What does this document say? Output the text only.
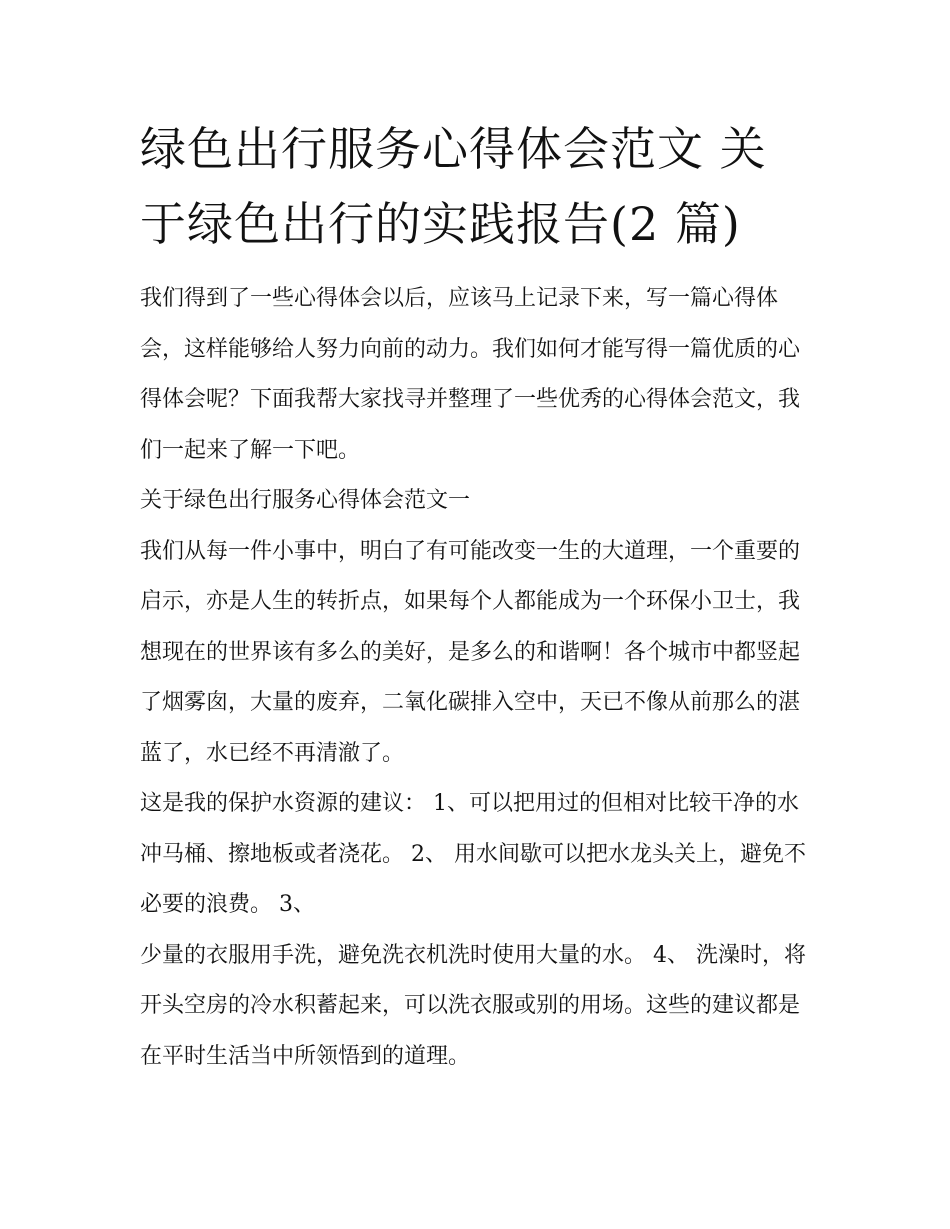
绿色出行服务心得体会范文 关
于绿色出行的实践报告(2 篇)

我们得到了一些心得体会以后，应该马上记录下来，写一篇心得体会，这样能够给人努力向前的动力。我们如何才能写得一篇优质的心得体会呢？下面我帮大家找寻并整理了一些优秀的心得体会范文，我们一起来了解一下吧。

关于绿色出行服务心得体会范文一

我们从每一件小事中，明白了有可能改变一生的大道理，一个重要的启示，亦是人生的转折点，如果每个人都能成为一个环保小卫士，我想现在的世界该有多么的美好，是多么的和谐啊！各个城市中都竖起了烟雾囱，大量的废弃，二氧化碳排入空中，天已不像从前那么的湛蓝了，水已经不再清澈了。

这是我的保护水资源的建议： 1、可以把用过的但相对比较干净的水冲马桶、擦地板或者浇花。 2、 用水间歇可以把水龙头关上，避免不必要的浪费。 3、

少量的衣服用手洗，避免洗衣机洗时使用大量的水。 4、 洗澡时，将开头空房的冷水积蓄起来，可以洗衣服或别的用场。这些的建议都是在平时生活当中所领悟到的道理。
